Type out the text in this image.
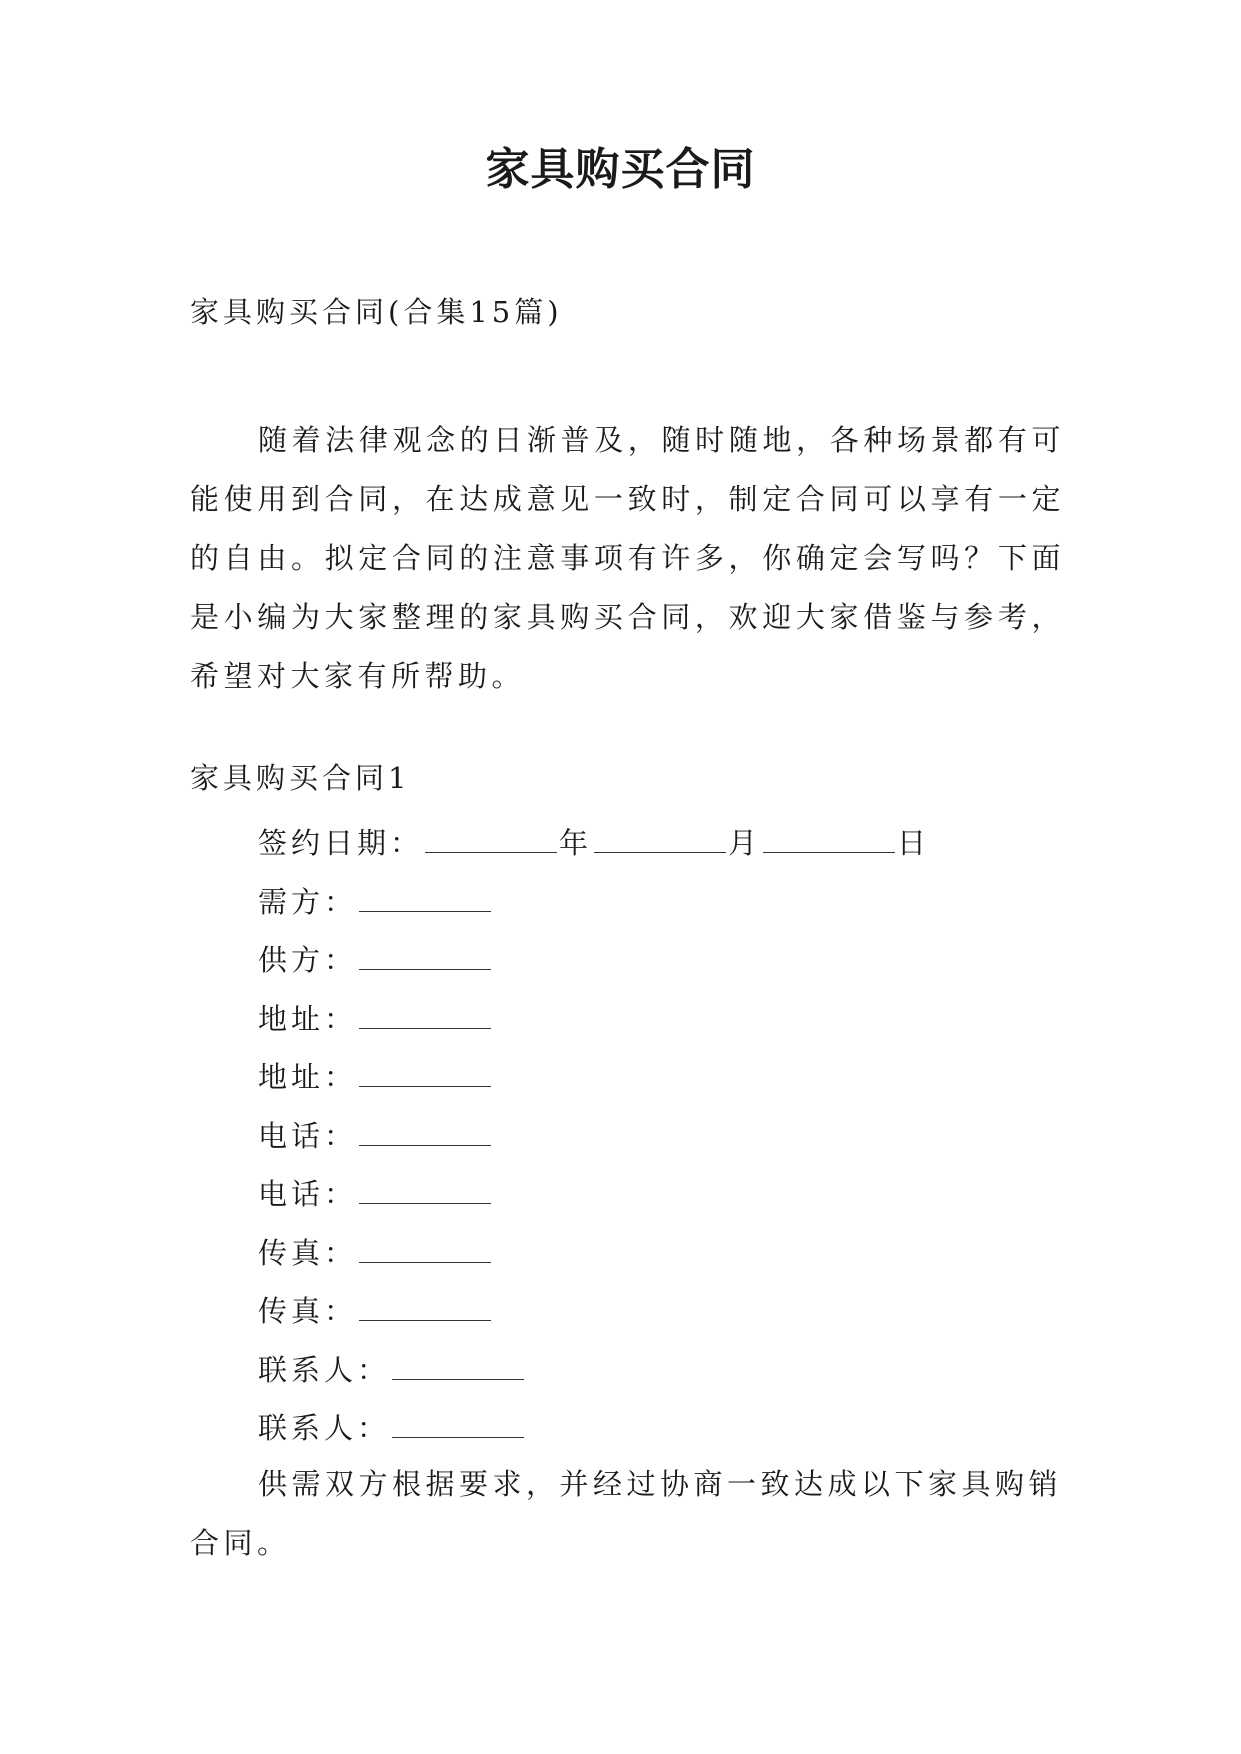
家具购买合同
家具购买合同(合集15篇)

随着法律观念的日渐普及，随时随地，各种场景都有可能使用到合同，在达成意见一致时，制定合同可以享有一定的自由。拟定合同的注意事项有许多，你确定会写吗？下面是小编为大家整理的家具购买合同，欢迎大家借鉴与参考，希望对大家有所帮助。

家具购买合同1
签约日期：	年	月	日
需方：
供方：
地址：
地址：
电话：
电话：
传真：
传真：
联系人：
联系人：

供需双方根据要求，并经过协商一致达成以下家具购销合同。
